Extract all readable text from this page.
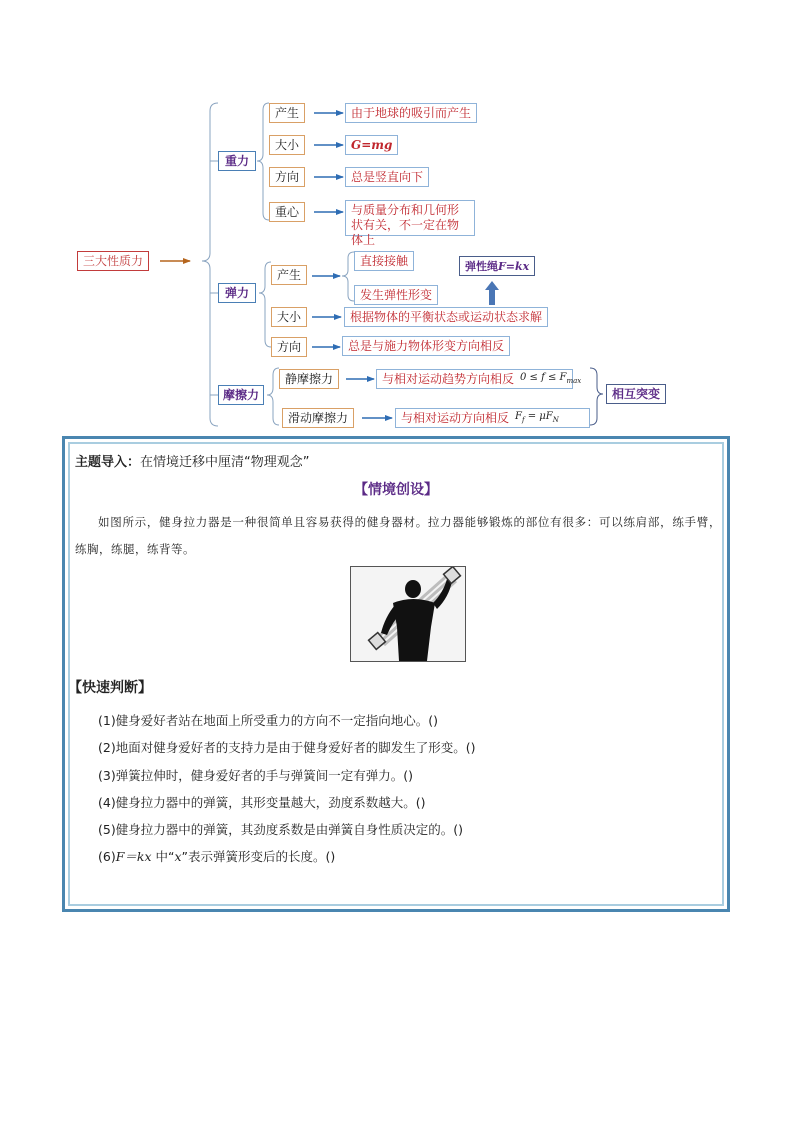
三大性质力
重力
产生	由于地球的吸引而产生
大小	G=mg
方向	总是竖直向下
重心	与质量分布和几何形状有关，不一定在物体上
弹力
产生
直接接触
发生弹性形变
弹性绳 F=kx
大小	根据物体的平衡状态或运动状态求解
方向	总是与施力物体形变方向相反
摩擦力
静摩擦力	与相对运动趋势方向相反 $0 \le f \le F_{max}$
滑动摩擦力	与相对运动方向相反 $F_f = \mu F_N$
相互突变
主题导入：在情境迁移中厘清“物理观念”
【情境创设】
如图所示，健身拉力器是一种很简单且容易获得的健身器材。拉力器能够锻炼的部位有很多：可以练肩部，练手臂，练胸，练腿，练背等。
【快速判断】
(1)健身爱好者站在地面上所受重力的方向不一定指向地心。()
(2)地面对健身爱好者的支持力是由于健身爱好者的脚发生了形变。()
(3)弹簧拉伸时，健身爱好者的手与弹簧间一定有弹力。()
(4)健身拉力器中的弹簧，其形变量越大，劲度系数越大。()
(5)健身拉力器中的弹簧，其劲度系数是由弹簧自身性质决定的。()
(6)F＝kx 中“x”表示弹簧形变后的长度。()
